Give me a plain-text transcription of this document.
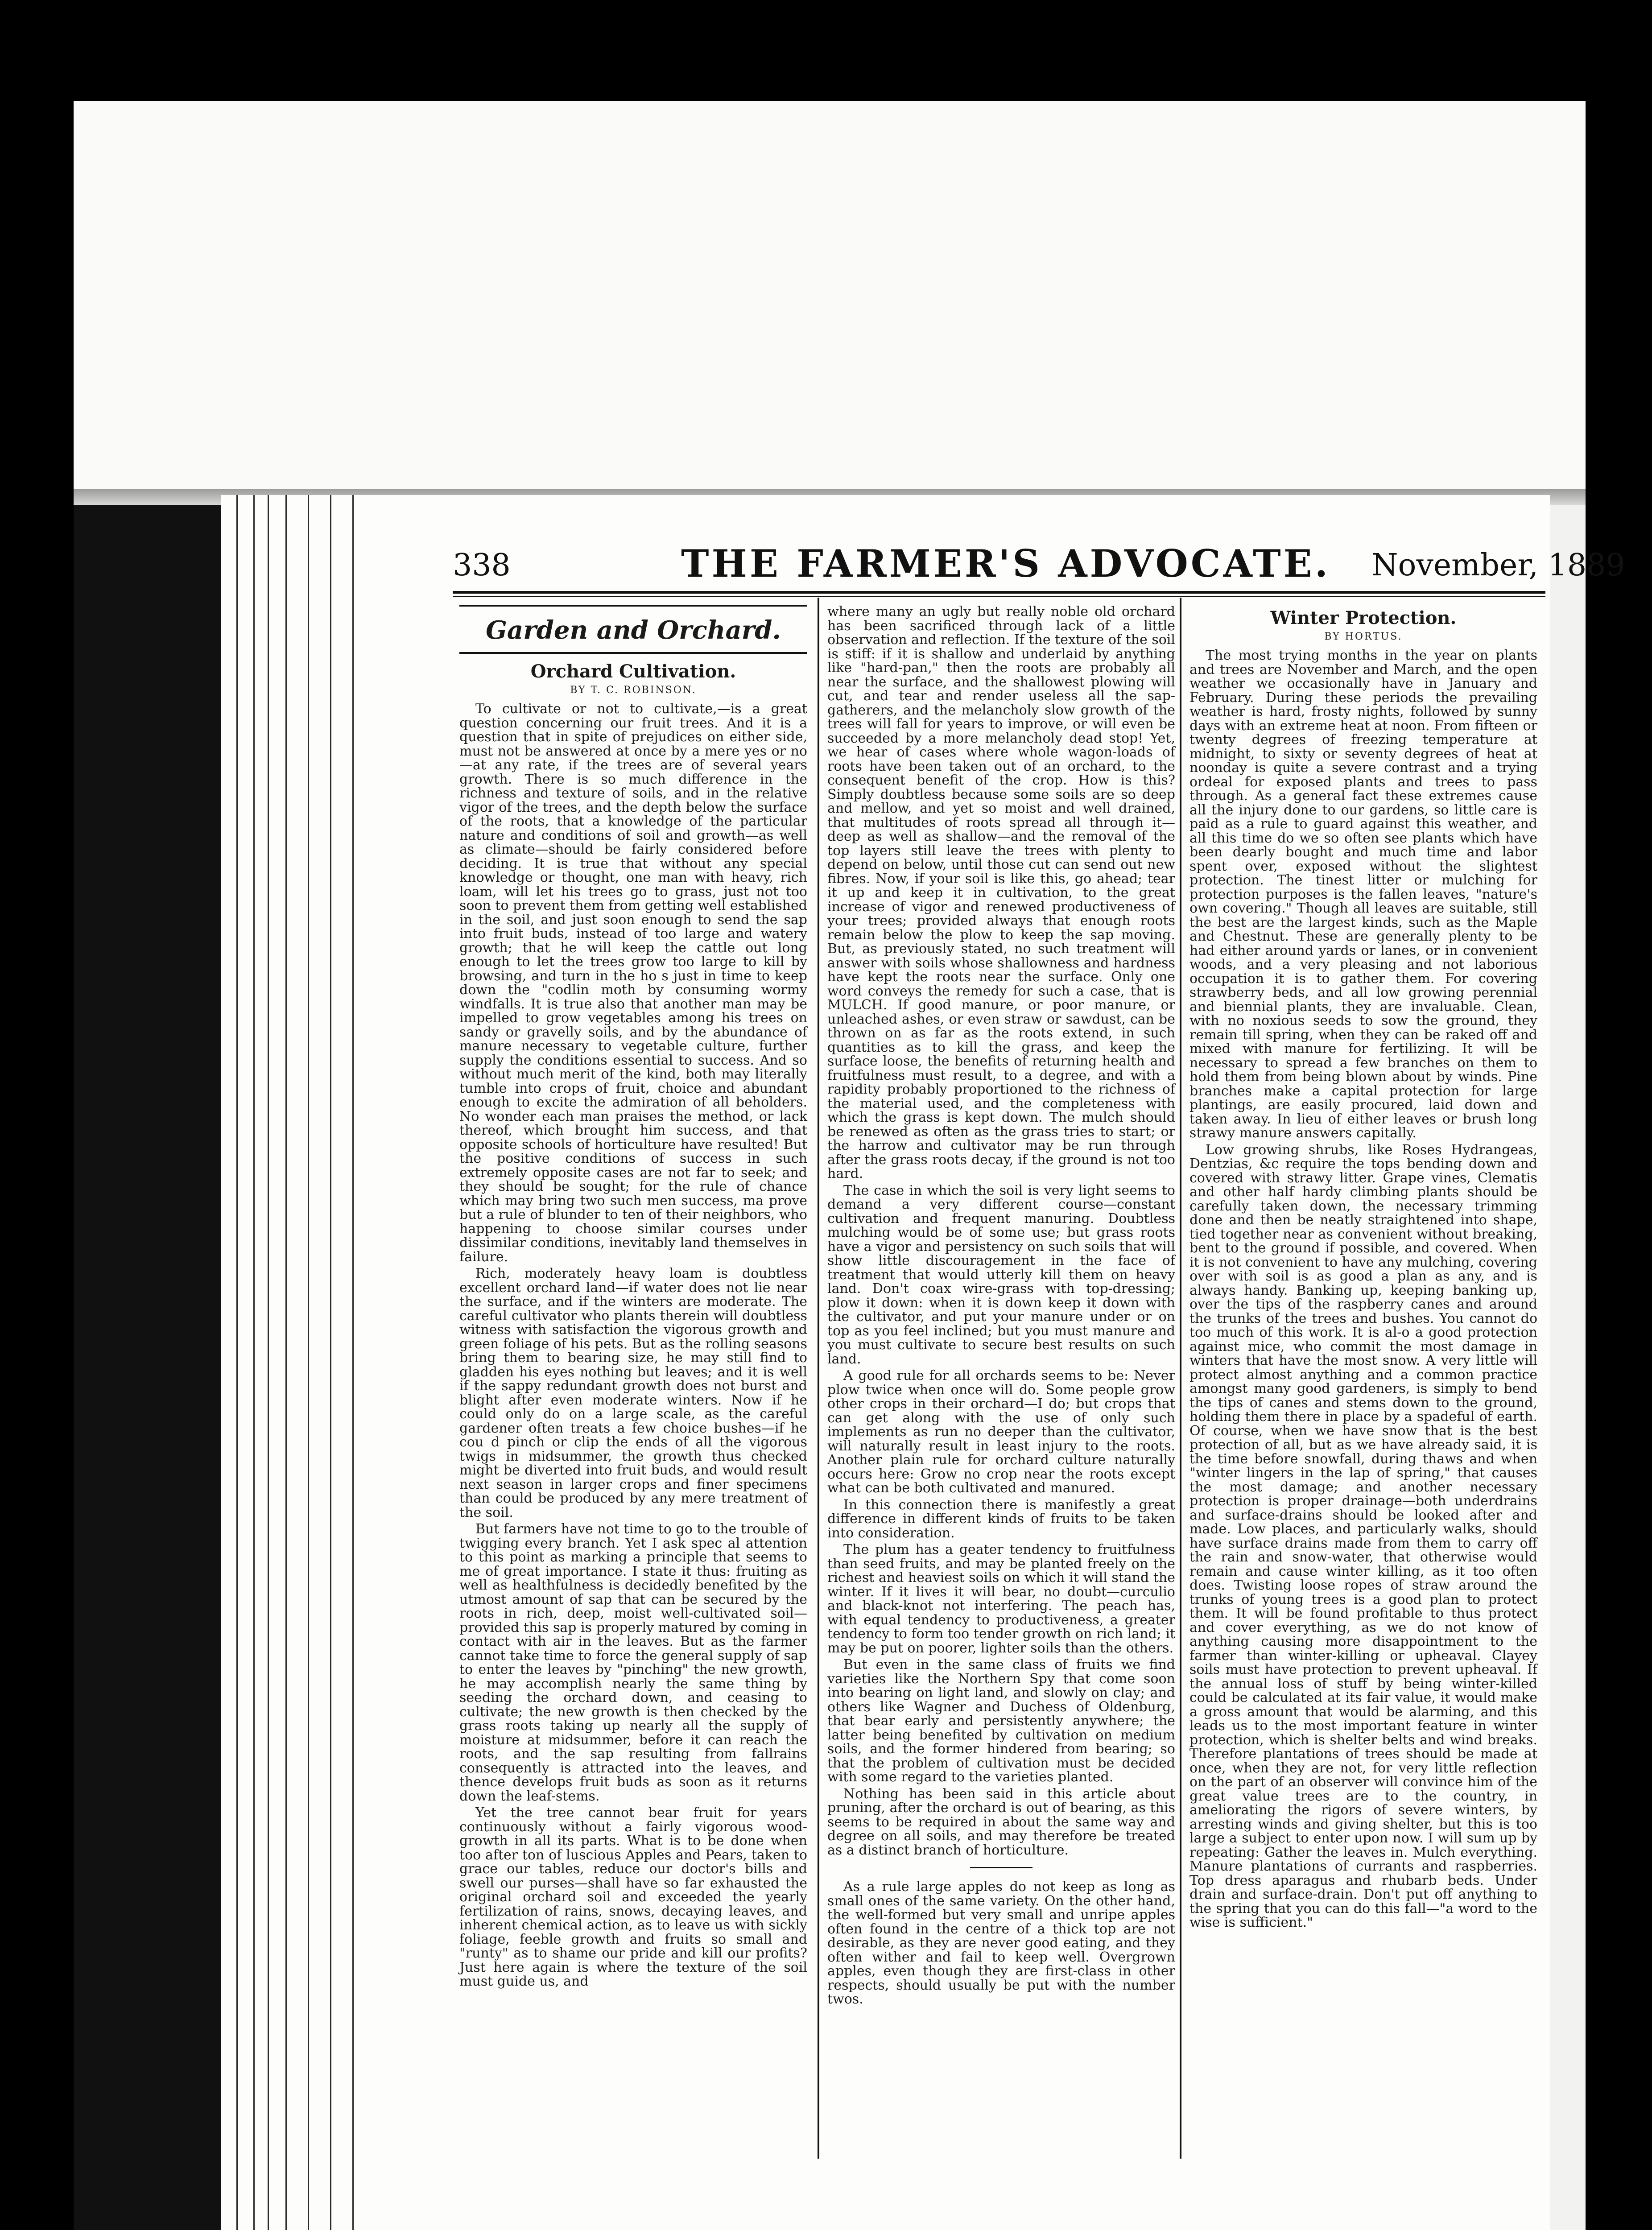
338	THE FARMER'S ADVOCATE.	November, 1889
Garden and Orchard.
Orchard Cultivation.
BY T. C. ROBINSON.

To cultivate or not to cultivate,—is a great question concerning our fruit trees. And it is a question that in spite of prejudices on either side, must not be answered at once by a mere yes or no—at any rate, if the trees are of several years growth. There is so much difference in the richness and texture of soils, and in the relative vigor of the trees, and the depth below the surface of the roots, that a knowledge of the particular nature and conditions of soil and growth—as well as climate—should be fairly considered before deciding. It is true that without any special knowledge or thought, one man with heavy, rich loam, will let his trees go to grass, just not too soon to prevent them from getting well established in the soil, and just soon enough to send the sap into fruit buds, instead of too large and watery growth; that he will keep the cattle out long enough to let the trees grow too large to kill by browsing, and turn in the ho s just in time to keep down the "codlin moth by consuming wormy windfalls. It is true also that another man may be impelled to grow vegetables among his trees on sandy or gravelly soils, and by the abundance of manure necessary to vegetable culture, further supply the conditions essential to success. And so without much merit of the kind, both may literally tumble into crops of fruit, choice and abundant enough to excite the admiration of all beholders. No wonder each man praises the method, or lack thereof, which brought him success, and that opposite schools of horticulture have resulted! But the positive conditions of success in such extremely opposite cases are not far to seek; and they should be sought; for the rule of chance which may bring two such men success, ma prove but a rule of blunder to ten of their neighbors, who happening to choose similar courses under dissimilar conditions, inevitably land themselves in failure.

Rich, moderately heavy loam is doubtless excellent orchard land—if water does not lie near the surface, and if the winters are moderate. The careful cultivator who plants therein will doubtless witness with satisfaction the vigorous growth and green foliage of his pets. But as the rolling seasons bring them to bearing size, he may still find to gladden his eyes nothing but leaves; and it is well if the sappy redundant growth does not burst and blight after even moderate winters. Now if he could only do on a large scale, as the careful gardener often treats a few choice bushes—if he cou d pinch or clip the ends of all the vigorous twigs in midsummer, the growth thus checked might be diverted into fruit buds, and would result next season in larger crops and finer specimens than could be produced by any mere treatment of the soil.

But farmers have not time to go to the trouble of twigging every branch. Yet I ask spec al attention to this point as marking a principle that seems to me of great importance. I state it thus: fruiting as well as healthfulness is decidedly benefited by the utmost amount of sap that can be secured by the roots in rich, deep, moist well-cultivated soil—provided this sap is properly matured by coming in contact with air in the leaves. But as the farmer cannot take time to force the general supply of sap to enter the leaves by "pinching" the new growth, he may accomplish nearly the same thing by seeding the orchard down, and ceasing to cultivate; the new growth is then checked by the grass roots taking up nearly all the supply of moisture at midsummer, before it can reach the roots, and the sap resulting from fallrains consequently is attracted into the leaves, and thence develops fruit buds as soon as it returns down the leaf-stems.

Yet the tree cannot bear fruit for years continuously without a fairly vigorous wood-growth in all its parts. What is to be done when too after ton of luscious Apples and Pears, taken to grace our tables, reduce our doctor's bills and swell our purses—shall have so far exhausted the original orchard soil and exceeded the yearly fertilization of rains, snows, decaying leaves, and inherent chemical action, as to leave us with sickly foliage, feeble growth and fruits so small and "runty" as to shame our pride and kill our profits? Just here again is where the texture of the soil must guide us, and

where many an ugly but really noble old orchard has been sacrificed through lack of a little observation and reflection. If the texture of the soil is stiff: if it is shallow and underlaid by anything like "hard-pan," then the roots are probably all near the surface, and the shallowest plowing will cut, and tear and render useless all the sap-gatherers, and the melancholy slow growth of the trees will fall for years to improve, or will even be succeeded by a more melancholy dead stop! Yet, we hear of cases where whole wagon-loads of roots have been taken out of an orchard, to the consequent benefit of the crop. How is this? Simply doubtless because some soils are so deep and mellow, and yet so moist and well drained, that multitudes of roots spread all through it—deep as well as shallow—and the removal of the top layers still leave the trees with plenty to depend on below, until those cut can send out new fibres. Now, if your soil is like this, go ahead; tear it up and keep it in cultivation, to the great increase of vigor and renewed productiveness of your trees; provided always that enough roots remain below the plow to keep the sap moving. But, as previously stated, no such treatment will answer with soils whose shallowness and hardness have kept the roots near the surface. Only one word conveys the remedy for such a case, that is MULCH. If good manure, or poor manure, or unleached ashes, or even straw or sawdust, can be thrown on as far as the roots extend, in such quantities as to kill the grass, and keep the surface loose, the benefits of returning health and fruitfulness must result, to a degree, and with a rapidity probably proportioned to the richness of the material used, and the completeness with which the grass is kept down. The mulch should be renewed as often as the grass tries to start; or the harrow and cultivator may be run through after the grass roots decay, if the ground is not too hard.

The case in which the soil is very light seems to demand a very different course—constant cultivation and frequent manuring. Doubtless mulching would be of some use; but grass roots have a vigor and persistency on such soils that will show little discouragement in the face of treatment that would utterly kill them on heavy land. Don't coax wire-grass with top-dressing; plow it down: when it is down keep it down with the cultivator, and put your manure under or on top as you feel inclined; but you must manure and you must cultivate to secure best results on such land.

A good rule for all orchards seems to be: Never plow twice when once will do. Some people grow other crops in their orchard—I do; but crops that can get along with the use of only such implements as run no deeper than the cultivator, will naturally result in least injury to the roots. Another plain rule for orchard culture naturally occurs here: Grow no crop near the roots except what can be both cultivated and manured.

In this connection there is manifestly a great difference in different kinds of fruits to be taken into consideration.

The plum has a geater tendency to fruitfulness than seed fruits, and may be planted freely on the richest and heaviest soils on which it will stand the winter. If it lives it will bear, no doubt—curculio and black-knot not interfering. The peach has, with equal tendency to productiveness, a greater tendency to form too tender growth on rich land; it may be put on poorer, lighter soils than the others.

But even in the same class of fruits we find varieties like the Northern Spy that come soon into bearing on light land, and slowly on clay; and others like Wagner and Duchess of Oldenburg, that bear early and persistently anywhere; the latter being benefited by cultivation on medium soils, and the former hindered from bearing; so that the problem of cultivation must be decided with some regard to the varieties planted.

Nothing has been said in this article about pruning, after the orchard is out of bearing, as this seems to be required in about the same way and degree on all soils, and may therefore be treated as a distinct branch of horticulture.

As a rule large apples do not keep as long as small ones of the same variety. On the other hand, the well-formed but very small and unripe apples often found in the centre of a thick top are not desirable, as they are never good eating, and they often wither and fail to keep well. Overgrown apples, even though they are first-class in other respects, should usually be put with the number twos.

Winter Protection.
BY HORTUS.

The most trying months in the year on plants and trees are November and March, and the open weather we occasionally have in January and February. During these periods the prevailing weather is hard, frosty nights, followed by sunny days with an extreme heat at noon. From fifteen or twenty degrees of freezing temperature at midnight, to sixty or seventy degrees of heat at noonday is quite a severe contrast and a trying ordeal for exposed plants and trees to pass through. As a general fact these extremes cause all the injury done to our gardens, so little care is paid as a rule to guard against this weather, and all this time do we so often see plants which have been dearly bought and much time and labor spent over, exposed without the slightest protection. The tinest litter or mulching for protection purposes is the fallen leaves, "nature's own covering." Though all leaves are suitable, still the best are the largest kinds, such as the Maple and Chestnut. These are generally plenty to be had either around yards or lanes, or in convenient woods, and a very pleasing and not laborious occupation it is to gather them. For covering strawberry beds, and all low growing perennial and biennial plants, they are invaluable. Clean, with no noxious seeds to sow the ground, they remain till spring, when they can be raked off and mixed with manure for fertilizing. It will be necessary to spread a few branches on them to hold them from being blown about by winds. Pine branches make a capital protection for large plantings, are easily procured, laid down and taken away. In lieu of either leaves or brush long strawy manure answers capitally.

Low growing shrubs, like Roses Hydrangeas, Dentzias, &c require the tops bending down and covered with strawy litter. Grape vines, Clematis and other half hardy climbing plants should be carefully taken down, the necessary trimming done and then be neatly straightened into shape, tied together near as convenient without breaking, bent to the ground if possible, and covered. When it is not convenient to have any mulching, covering over with soil is as good a plan as any, and is always handy. Banking up, keeping banking up, over the tips of the raspberry canes and around the trunks of the trees and bushes. You cannot do too much of this work. It is al-o a good protection against mice, who commit the most damage in winters that have the most snow. A very little will protect almost anything and a common practice amongst many good gardeners, is simply to bend the tips of canes and stems down to the ground, holding them there in place by a spadeful of earth. Of course, when we have snow that is the best protection of all, but as we have already said, it is the time before snowfall, during thaws and when "winter lingers in the lap of spring," that causes the most damage; and another necessary protection is proper drainage—both underdrains and surface-drains should be looked after and made. Low places, and particularly walks, should have surface drains made from them to carry off the rain and snow-water, that otherwise would remain and cause winter killing, as it too often does. Twisting loose ropes of straw around the trunks of young trees is a good plan to protect them. It will be found profitable to thus protect and cover everything, as we do not know of anything causing more disappointment to the farmer than winter-killing or upheaval. Clayey soils must have protection to prevent upheaval. If the annual loss of stuff by being winter-killed could be calculated at its fair value, it would make a gross amount that would be alarming, and this leads us to the most important feature in winter protection, which is shelter belts and wind breaks. Therefore plantations of trees should be made at once, when they are not, for very little reflection on the part of an observer will convince him of the great value trees are to the country, in ameliorating the rigors of severe winters, by arresting winds and giving shelter, but this is too large a subject to enter upon now. I will sum up by repeating: Gather the leaves in. Mulch everything. Manure plantations of currants and raspberries. Top dress aparagus and rhubarb beds. Under drain and surface-drain. Don't put off anything to the spring that you can do this fall—"a word to the wise is sufficient."
